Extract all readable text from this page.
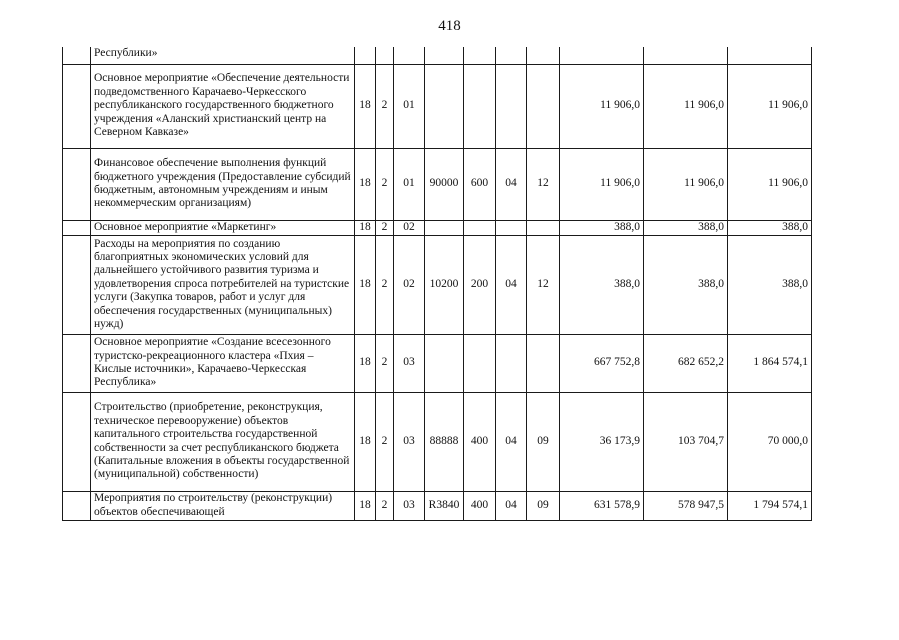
418
	Республики»										
	Основное мероприятие «Обеспечение деятельности подведомственного Карачаево-Черкесского республиканского государственного бюджетного учреждения «Аланский христианский центр на Северном Кавказе»	18	2	01					11 906,0	11 906,0	11 906,0
	Финансовое обеспечение выполнения функций бюджетного учреждения (Предоставление субсидий бюджетным, автономным учреждениям и иным некоммерческим организациям)	18	2	01	90000	600	04	12	11 906,0	11 906,0	11 906,0
	Основное мероприятие «Маркетинг»	18	2	02					388,0	388,0	388,0
	Расходы на мероприятия по созданию благоприятных экономических условий для дальнейшего устойчивого развития туризма и удовлетворения спроса потребителей на туристские услуги (Закупка товаров, работ и услуг для обеспечения государственных (муниципальных) нужд)	18	2	02	10200	200	04	12	388,0	388,0	388,0
	Основное мероприятие «Создание всесезонного туристско-рекреационного кластера «Пхия – Кислые источники», Карачаево-Черкесская Республика»	18	2	03					667 752,8	682 652,2	1 864 574,1
	Строительство (приобретение, реконструкция, техническое перевооружение) объектов капитального строительства государственной собственности за счет республиканского бюджета (Капитальные вложения в объекты государственной (муниципальной) собственности)	18	2	03	88888	400	04	09	36 173,9	103 704,7	70 000,0
	Мероприятия по строительству (реконструкции) объектов обеспечивающей	18	2	03	R3840	400	04	09	631 578,9	578 947,5	1 794 574,1
